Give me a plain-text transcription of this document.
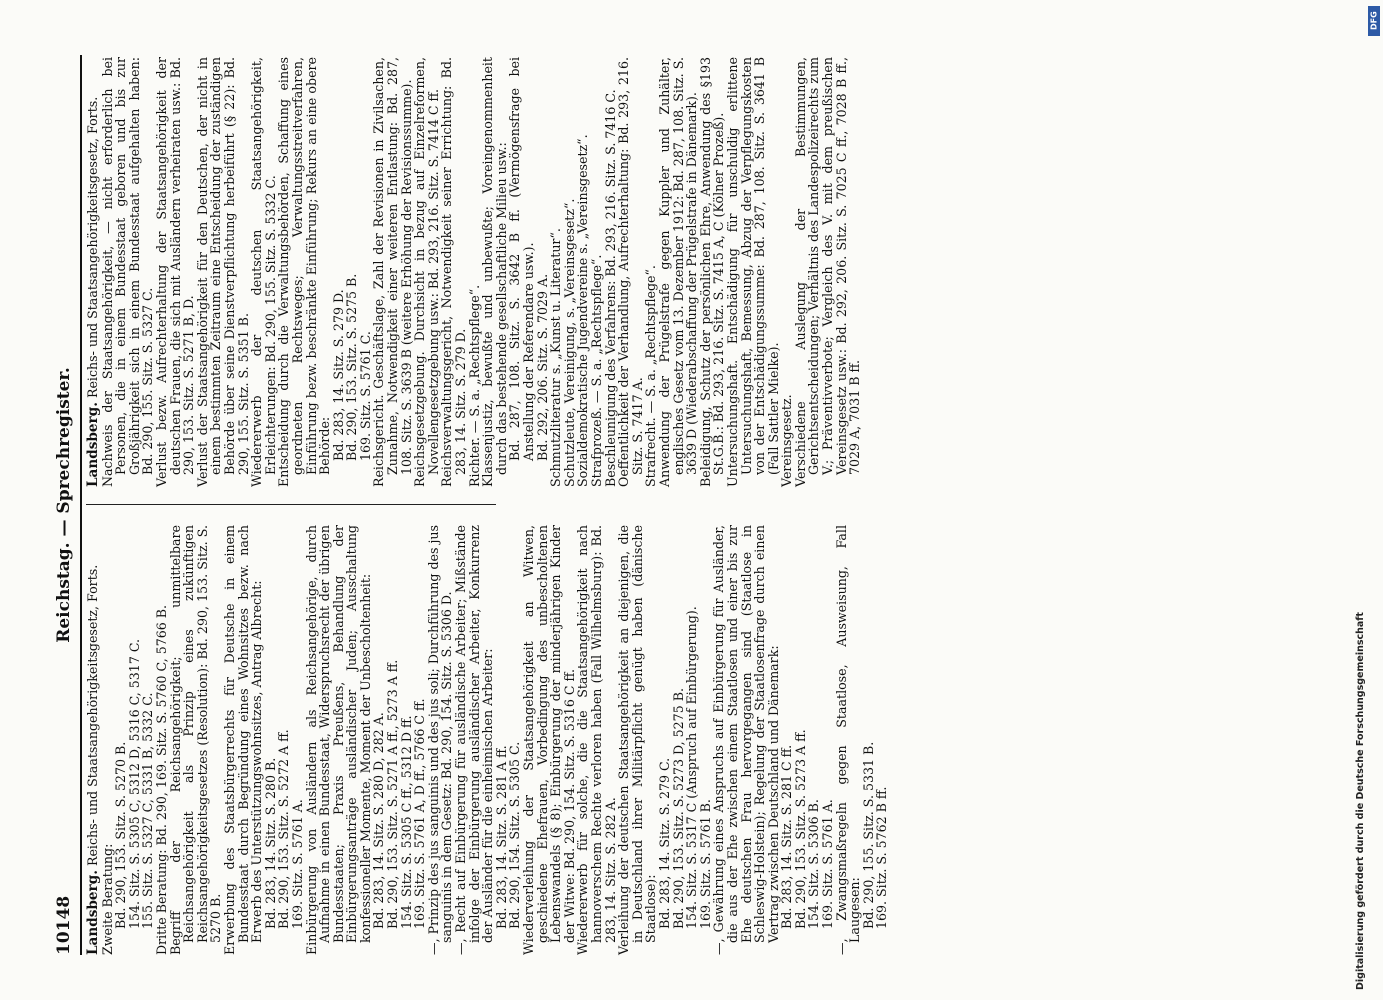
10148
Reichstag. — Sprechregister.

Landsberg. Reichs- und Staatsangehörigkeitsgesetz, Forts.

Zweite Beratung:

Bd. 290, 153. Sitz. S. 5270 B.

154. Sitz. S. 5305 C, 5312 D, 5316 C, 5317 C.

155. Sitz. S. 5327 C, 5331 B, 5332 C.

Dritte Beratung: Bd. 290, 169. Sitz. S. 5760 C, 5766 B.

Begriff der Reichsangehörigkeit; unmittelbare Reichsangehörigkeit als Prinzip eines zukünftigen Reichsangehörigkeitsgesetzes (Resolution): Bd. 290, 153. Sitz. S. 5270 B.

Erwerbung des Staatsbürgerrechts für Deutsche in einem Bundesstaat durch Begründung eines Wohnsitzes bezw. nach Erwerb des Unterstützungswohnsitzes, Antrag Albrecht:

Bd. 283, 14. Sitz. S. 280 B.

Bd. 290, 153. Sitz. S. 5272 A ff.

169. Sitz. S. 5761 A.

Einbürgerung von Ausländern als Reichsangehörige, durch Aufnahme in einen Bundesstaat, Widerspruchsrecht der übrigen Bundesstaaten; Praxis Preußens, Behandlung der Einbürgerungsanträge ausländischer Juden; Ausschaltung konfessioneller Momente, Moment der Unbescholtenheit:

Bd. 283, 14. Sitz. S. 280 D, 282 A.

Bd. 290, 153. Sitz. S. 5271 A ff., 5273 A ff.

154. Sitz. S. 5305 C ff., 5312 D ff.

169. Sitz. S. 5761 A, D ff., 5766 C ff.

—, Prinzip des jus sanguinis und des jus soli; Durchführung des jus sanguinis in dem Gesetz: Bd. 290, 154. Sitz. S. 5306 D.

—, Recht auf Einbürgerung für ausländische Arbeiter; Mißstände infolge der Einbürgerung ausländischer Arbeiter, Konkurrenz der Ausländer für die einheimischen Arbeiter:

Bd. 283, 14. Sitz. S. 281 A ff.

Bd. 290, 154. Sitz. S. 5305 C.

Wiederverleihung der Staatsangehörigkeit an Witwen, geschiedene Ehefrauen, Vorbedingung des unbescholtenen Lebenswandels (§ 8); Einbürgerung der minderjährigen Kinder der Witwe: Bd. 290, 154. Sitz. S. 5316 C ff.

Wiedererwerb für solche, die die Staatsangehörigkeit nach hannoverschem Rechte verloren haben (Fall Wilhelmsburg): Bd. 283, 14. Sitz. S. 282 A.

Verleihung der deutschen Staatsangehörigkeit an diejenigen, die in Deutschland ihrer Militärpflicht genügt haben (dänische Staatlose):

Bd. 283, 14. Sitz. S. 279 C.

Bd. 290, 153. Sitz. S. 5273 D, 5275 B.

154. Sitz. S. 5317 C (Anspruch auf Einbürgerung).

169. Sitz. S. 5761 B.

—, Gewährung eines Anspruchs auf Einbürgerung für Ausländer, die aus der Ehe zwischen einem Staatlosen und einer bis zur Ehe deutschen Frau hervorgegangen sind (Staatlose in Schleswig-Holstein); Regelung der Staatlosenfrage durch einen Vertrag zwischen Deutschland und Dänemark:

Bd. 283, 14. Sitz. S. 281 C ff.

Bd. 290, 153. Sitz. S. 5273 A ff.

154. Sitz. S. 5306 B.

169. Sitz. S. 5761 A.

—, Zwangsmaßregeln gegen Staatlose, Ausweisung, Fall Laugesen:

Bd. 290, 155. Sitz. S. 5331 B.

169. Sitz. S. 5762 B ff.

Landsberg. Reichs- und Staatsangehörigkeitsgesetz, Forts. Nachweis der Staatsangehörigkeit, — nicht erforderlich bei Personen, die in einem Bundesstaat geboren und bis zur Großjährigkeit sich in einem Bundesstaat aufgehalten haben: Bd. 290, 155. Sitz. S. 5327 C.

Verlust bezw. Aufrechterhaltung der Staatsangehörigkeit der deutschen Frauen, die sich mit Ausländern verheiraten usw.: Bd. 290, 153. Sitz. S. 5271 B, D.

Verlust der Staatsangehörigkeit für den Deutschen, der nicht in einem bestimmten Zeitraum eine Entscheidung der zuständigen Behörde über seine Dienstverpflichtung herbeiführt (§ 22): Bd. 290, 155. Sitz. S. 5351 B.

Wiedererwerb der deutschen Staatsangehörigkeit, Erleichterungen: Bd. 290, 155. Sitz. S. 5332 C.

Entscheidung durch die Verwaltungsbehörden, Schaffung eines geordneten Rechtsweges; Verwaltungsstreitverfahren, Einführung bezw. beschränkte Einführung; Rekurs an eine obere Behörde:

Bd. 283, 14. Sitz. S. 279 D.

Bd. 290, 153. Sitz. S. 5275 B.

169. Sitz. S. 5761 C.

Reichsgericht. Geschäftslage, Zahl der Revisionen in Zivilsachen, Zunahme, Notwendigkeit einer weiteren Entlastung: Bd. 287, 108. Sitz. S. 3639 B (weitere Erhöhung der Revisionssumme).

Reichsgesetzgebung. Durchsicht in bezug auf Einzelreformen, Novellengesetzgebung usw.: Bd. 293, 216. Sitz. S. 7414 C ff.

Reichsverwaltungsgericht, Notwendigkeit seiner Errichtung: Bd. 283, 14. Sitz. S. 279 D.

Richter. — S. a. „Rechtspflege“.

Klassenjustiz, bewußte und unbewußte; Voreingenommenheit durch das bestehende gesellschaftliche Milieu usw.:

Bd. 287, 108. Sitz. S. 3642 B ff. (Vermögensfrage bei Anstellung der Referendare usw.).

Bd. 292, 206. Sitz. S. 7029 A.

Schmutzliteratur s. „Kunst u. Literatur“.

Schutzleute, Vereinigung, s. „Vereinsgesetz“.

Sozialdemokratische Jugendvereine s. „Vereinsgesetz“.

Strafprozeß. — S. a. „Rechtspflege“.

Beschleunigung des Verfahrens: Bd. 293, 216. Sitz. S. 7416 C.

Oeffentlichkeit der Verhandlung, Aufrechterhaltung: Bd. 293, 216. Sitz. S. 7417 A.

Strafrecht. — S. a. „Rechtspflege“.

Anwendung der Prügelstrafe gegen Kuppler und Zuhälter, englisches Gesetz vom 13. Dezember 1912: Bd. 287, 108. Sitz. S. 3639 D (Wiederabschaffung der Prügelstrafe in Dänemark).

Beleidigung, Schutz der persönlichen Ehre, Anwendung des §193 St.G.B.: Bd. 293, 216. Sitz. S. 7415 A, C (Kölner Prozeß).

Untersuchungshaft. Entschädigung für unschuldig erlittene Untersuchungshaft, Bemessung, Abzug der Verpflegungskosten von der Entschädigungssumme: Bd. 287, 108. Sitz. S. 3641 B (Fall Sattler Mielke).

Vereinsgesetz.

Verschiedene Auslegung der Bestimmungen, Gerichtsentscheidungen; Verhältnis des Landespolizeirechts zum V.; Präventivverbote; Vergleich des V. mit dem preußischen Vereinsgesetz usw.: Bd. 292, 206. Sitz. S. 7025 C ff., 7028 B ff., 7029 A, 7031 B ff.

Digitalisierung gefördert durch die Deutsche Forschungsgemeinschaft
DFG
